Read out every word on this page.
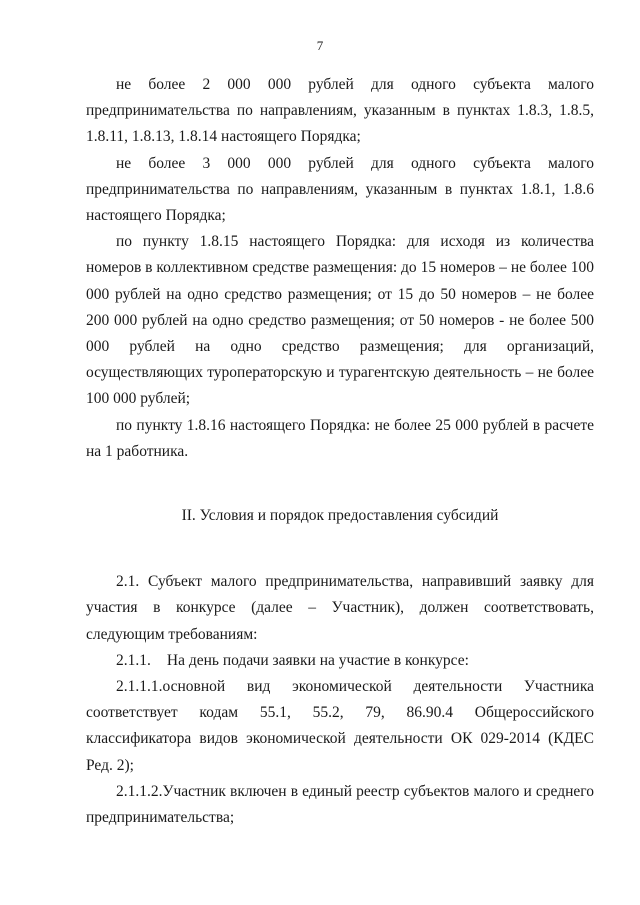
7

не более 2 000 000 рублей для одного субъекта малого предпринимательства по направлениям, указанным в пунктах 1.8.3, 1.8.5, 1.8.11, 1.8.13, 1.8.14 настоящего Порядка;

не более 3 000 000 рублей для одного субъекта малого предпринимательства по направлениям, указанным в пунктах 1.8.1, 1.8.6 настоящего Порядка;

по пункту 1.8.15 настоящего Порядка: для исходя из количества номеров в коллективном средстве размещения: до 15 номеров – не более 100 000 рублей на одно средство размещения; от 15 до 50 номеров – не более 200 000 рублей на одно средство размещения; от 50 номеров - не более 500 000 рублей на одно средство размещения; для организаций, осуществляющих туроператорскую и турагентскую деятельность – не более 100 000 рублей;

по пункту 1.8.16 настоящего Порядка: не более 25 000 рублей в расчете на 1 работника.

II. Условия и порядок предоставления субсидий

2.1. Субъект малого предпринимательства, направивший заявку для участия в конкурсе (далее – Участник), должен соответствовать, следующим требованиям:

2.1.1. На день подачи заявки на участие в конкурсе:

2.1.1.1.основной вид экономической деятельности Участника соответствует кодам 55.1, 55.2, 79, 86.90.4 Общероссийского классификатора видов экономической деятельности ОК 029-2014 (КДЕС Ред. 2);

2.1.1.2.Участник включен в единый реестр субъектов малого и среднего предпринимательства;
